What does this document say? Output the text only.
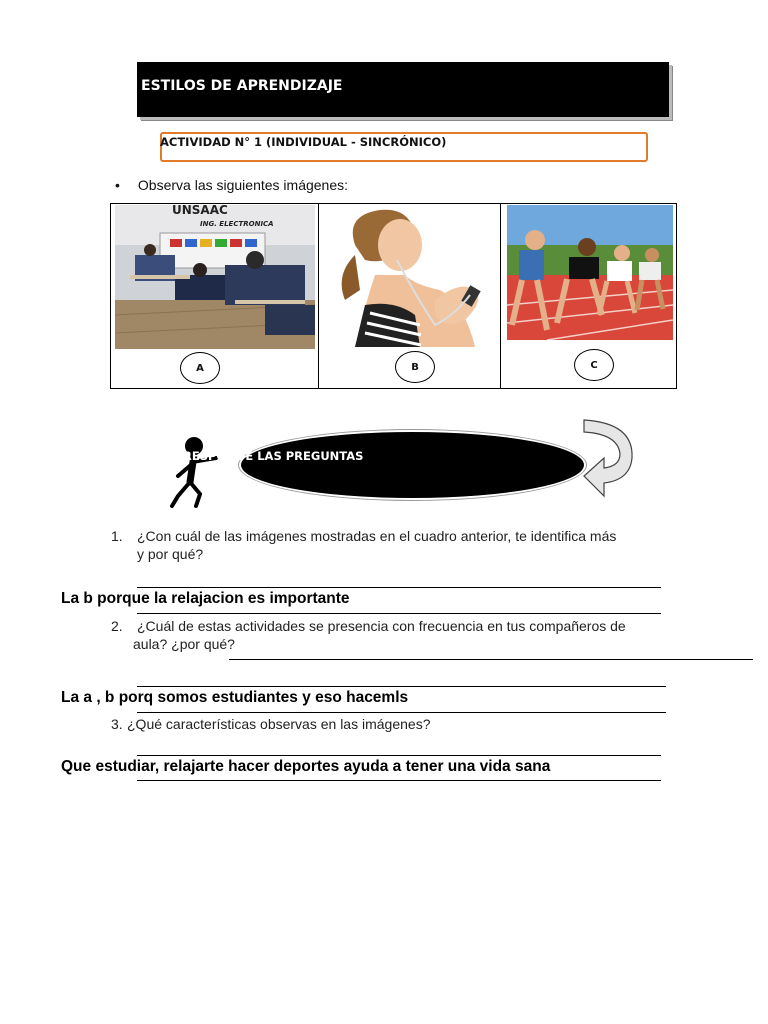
ESTILOS DE APRENDIZAJE
ACTIVIDAD N° 1 (INDIVIDUAL - SINCRÓNICO)
• Observa las siguientes imágenes:
UNSAAC
ING. ELECTRONICA
A	B	C
RESPONDE LAS PREGUNTAS
1. ¿Con cuál de las imágenes mostradas en el cuadro anterior, te identifica más
y por qué?
La b porque la relajacion es importante
2. ¿Cuál de estas actividades se presencia con frecuencia en tus compañeros de
aula? ¿por qué?
La a , b porq somos estudiantes y eso hacemls
3. ¿Qué características observas en las imágenes?
Que estudiar, relajarte hacer deportes ayuda a tener una vida sana
